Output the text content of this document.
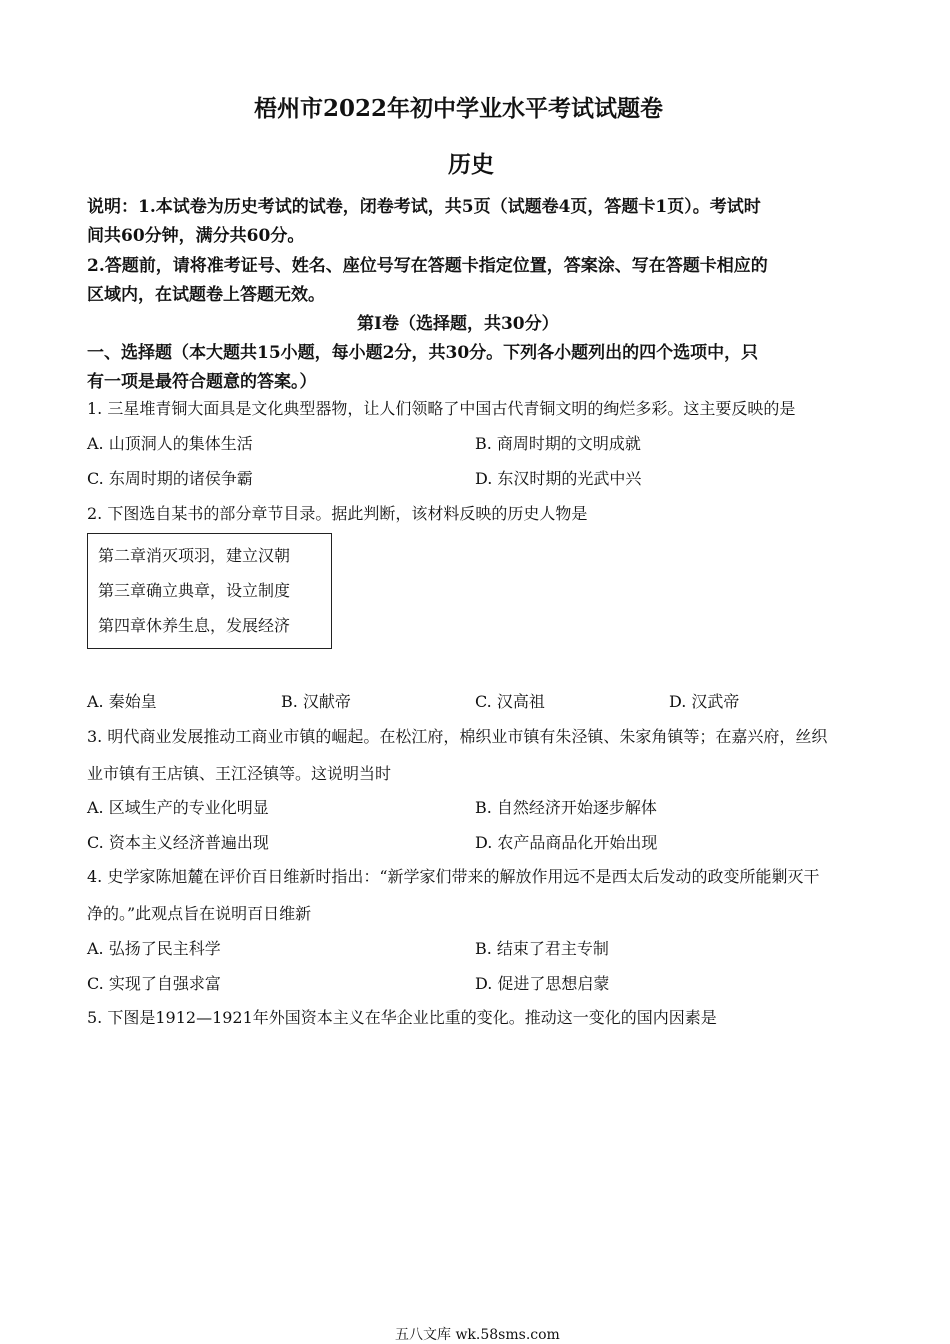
梧州市2022年初中学业水平考试试题卷
历史
说明：1.本试卷为历史考试的试卷，闭卷考试，共5页（试题卷4页，答题卡1页）。考试时
间共60分钟，满分共60分。
2.答题前，请将准考证号、姓名、座位号写在答题卡指定位置，答案涂、写在答题卡相应的
区域内，在试题卷上答题无效。
第Ⅰ卷（选择题，共30分）
一、选择题（本大题共15小题，每小题2分，共30分。下列各小题列出的四个选项中，只
有一项是最符合题意的答案。）
1. 三星堆青铜大面具是文化典型器物，让人们领略了中国古代青铜文明的绚烂多彩。这主要反映的是
A. 山顶洞人的集体生活	B. 商周时期的文明成就
C. 东周时期的诸侯争霸	D. 东汉时期的光武中兴
2. 下图选自某书的部分章节目录。据此判断，该材料反映的历史人物是
第二章消灭项羽，建立汉朝
第三章确立典章，设立制度
第四章休养生息，发展经济
A. 秦始皇	B. 汉献帝	C. 汉高祖	D. 汉武帝
3. 明代商业发展推动工商业市镇的崛起。在松江府，棉织业市镇有朱泾镇、朱家角镇等；在嘉兴府，丝织
业市镇有王店镇、王江泾镇等。这说明当时
A. 区域生产的专业化明显	B. 自然经济开始逐步解体
C. 资本主义经济普遍出现	D. 农产品商品化开始出现
4. 史学家陈旭麓在评价百日维新时指出：“新学家们带来的解放作用远不是西太后发动的政变所能剿灭干
净的。”此观点旨在说明百日维新
A. 弘扬了民主科学	B. 结束了君主专制
C. 实现了自强求富	D. 促进了思想启蒙
5. 下图是1912—1921年外国资本主义在华企业比重的变化。推动这一变化的国内因素是
五八文库 wk.58sms.com
